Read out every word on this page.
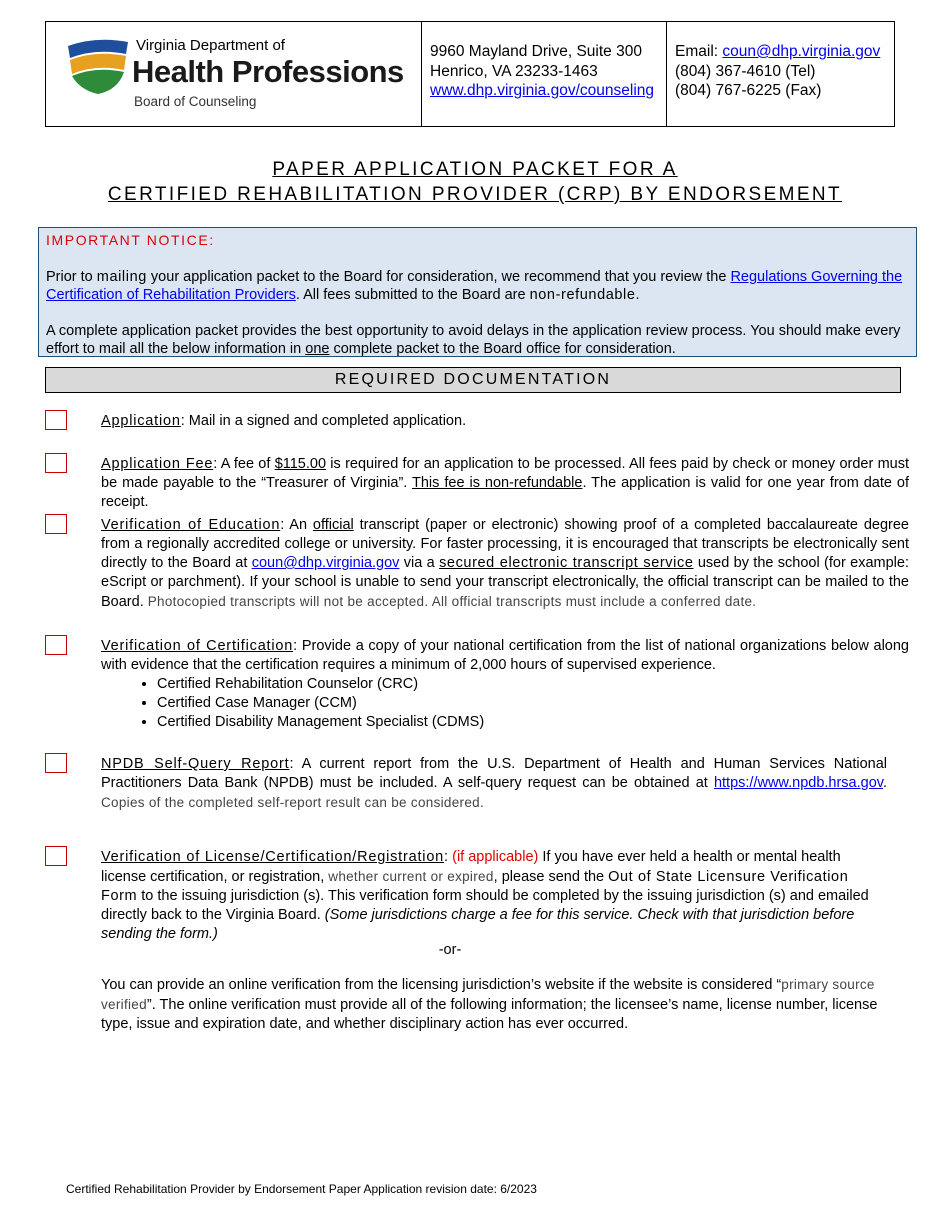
Virginia Department of
Health Professions
Board of Counseling
9960 Mayland Drive, Suite 300
Henrico, VA 23233-1463
www.dhp.virginia.gov/counseling
Email: coun@dhp.virginia.gov
(804) 367-4610 (Tel)
(804) 767-6225 (Fax)
PAPER APPLICATION PACKET FOR A
CERTIFIED REHABILITATION PROVIDER (CRP) BY ENDORSEMENT
IMPORTANT NOTICE:

Prior to mailing your application packet to the Board for consideration, we recommend that you review the Regulations Governing the Certification of Rehabilitation Providers. All fees submitted to the Board are non-refundable.

A complete application packet provides the best opportunity to avoid delays in the application review process. You should make every effort to mail all the below information in one complete packet to the Board office for consideration.

REQUIRED DOCUMENTATION

Application: Mail in a signed and completed application.

Application Fee: A fee of $115.00 is required for an application to be processed. All fees paid by check or money order must be made payable to the “Treasurer of Virginia”. This fee is non-refundable. The application is valid for one year from date of receipt.

Verification of Education: An official transcript (paper or electronic) showing proof of a completed baccalaureate degree from a regionally accredited college or university. For faster processing, it is encouraged that transcripts be electronically sent directly to the Board at coun@dhp.virginia.gov via a secured electronic transcript service used by the school (for example: eScript or parchment). If your school is unable to send your transcript electronically, the official transcript can be mailed to the Board. Photocopied transcripts will not be accepted. All official transcripts must include a conferred date.

Verification of Certification: Provide a copy of your national certification from the list of national organizations below along with evidence that the certification requires a minimum of 2,000 hours of supervised experience.

• Certified Rehabilitation Counselor (CRC)
• Certified Case Manager (CCM)
• Certified Disability Management Specialist (CDMS)

NPDB Self-Query Report: A current report from the U.S. Department of Health and Human Services National Practitioners Data Bank (NPDB) must be included. A self-query request can be obtained at https://www.npdb.hrsa.gov. Copies of the completed self-report result can be considered.

Verification of License/Certification/Registration: (if applicable) If you have ever held a health or mental health license certification, or registration, whether current or expired, please send the Out of State Licensure Verification Form to the issuing jurisdiction (s). This verification form should be completed by the issuing jurisdiction (s) and emailed directly back to the Virginia Board. (Some jurisdictions charge a fee for this service. Check with that jurisdiction before sending the form.)

-or-

You can provide an online verification from the licensing jurisdiction’s website if the website is considered “primary source verified”. The online verification must provide all of the following information; the licensee’s name, license number, license type, issue and expiration date, and whether disciplinary action has ever occurred.

Certified Rehabilitation Provider by Endorsement Paper Application revision date: 6/2023
